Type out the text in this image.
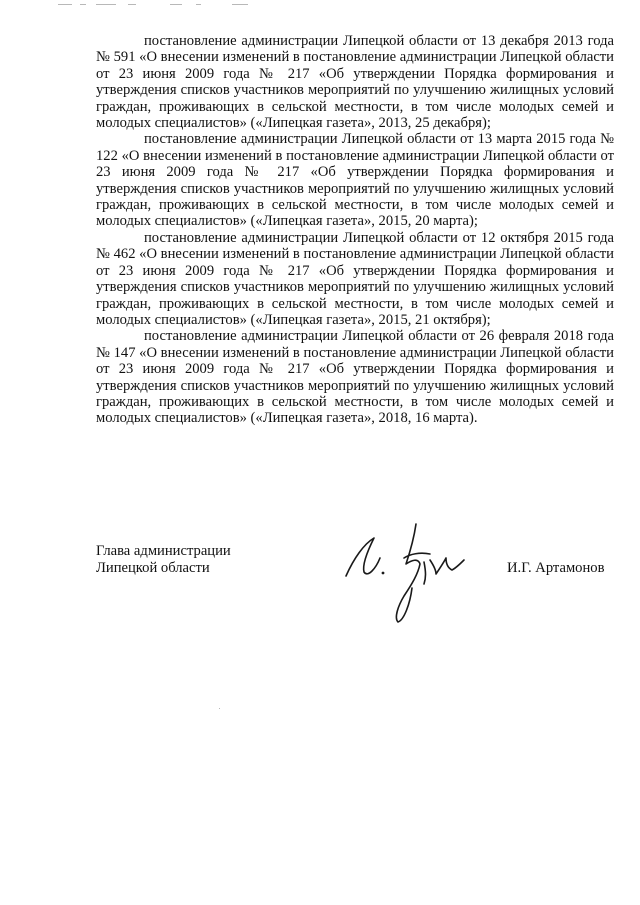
постановление администрации Липецкой области от 13 декабря 2013 года № 591 «О внесении изменений в постановление администрации Липецкой области от 23 июня 2009 года № 217 «Об утверждении Порядка формирования и утверждения списков участников мероприятий по улучшению жилищных условий граждан, проживающих в сельской местности, в том числе молодых семей и молодых специалистов» («Липецкая газета», 2013, 25 декабря);

постановление администрации Липецкой области от 13 марта 2015 года № 122 «О внесении изменений в постановление администрации Липецкой области от 23 июня 2009 года № 217 «Об утверждении Порядка формирования и утверждения списков участников мероприятий по улучшению жилищных условий граждан, проживающих в сельской местности, в том числе молодых семей и молодых специалистов» («Липецкая газета», 2015, 20 марта);

постановление администрации Липецкой области от 12 октября 2015 года № 462 «О внесении изменений в постановление администрации Липецкой области от 23 июня 2009 года № 217 «Об утверждении Порядка формирования и утверждения списков участников мероприятий по улучшению жилищных условий граждан, проживающих в сельской местности, в том числе молодых семей и молодых специалистов» («Липецкая газета», 2015, 21 октября);

постановление администрации Липецкой области от 26 февраля 2018 года № 147 «О внесении изменений в постановление администрации Липецкой области от 23 июня 2009 года № 217 «Об утверждении Порядка формирования и утверждения списков участников мероприятий по улучшению жилищных условий граждан, проживающих в сельской местности, в том числе молодых семей и молодых специалистов» («Липецкая газета», 2018, 16 марта).

Глава администрации
Липецкой области	И.Г. Артамонов
